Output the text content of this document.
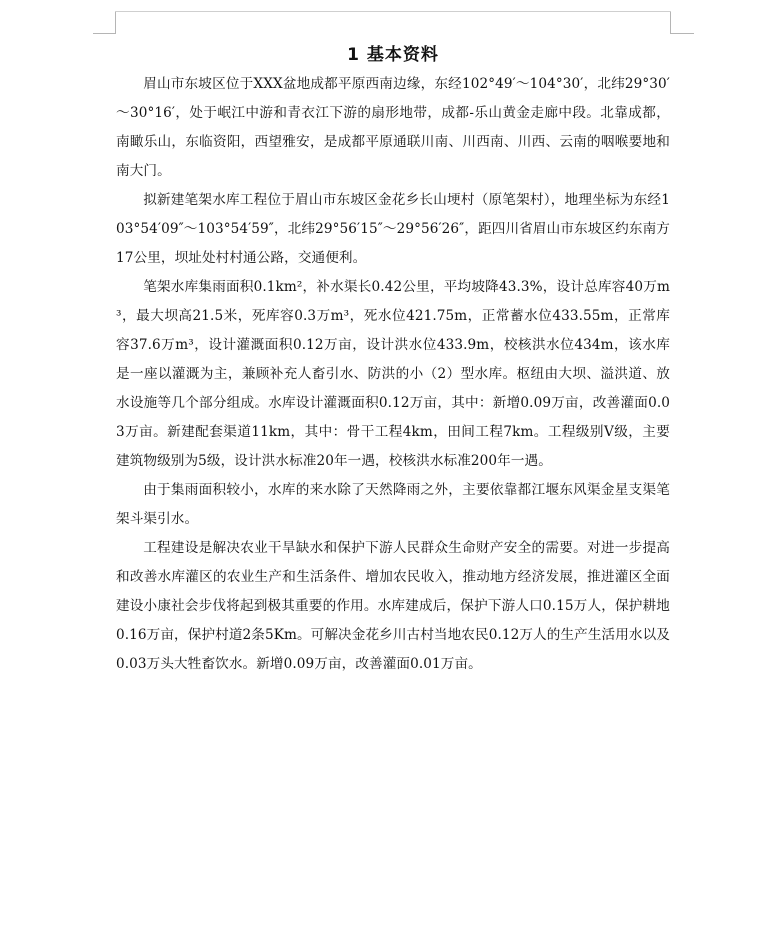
1 基本资料

眉山市东坡区位于XXX盆地成都平原西南边缘，东经102°49′～104°30′，北纬29°30′～30°16′，处于岷江中游和青衣江下游的扇形地带，成都-乐山黄金走廊中段。北靠成都，南瞰乐山，东临资阳，西望雅安，是成都平原通联川南、川西南、川西、云南的咽喉要地和南大门。

拟新建笔架水库工程位于眉山市东坡区金花乡长山埂村（原笔架村），地理坐标为东经103°54′09″～103°54′59″，北纬29°56′15″～29°56′26″，距四川省眉山市东坡区约东南方17公里，坝址处村村通公路，交通便利。

笔架水库集雨面积0.1km²，补水渠长0.42公里，平均坡降43.3%，设计总库容40万m³，最大坝高21.5米，死库容0.3万m³，死水位421.75m，正常蓄水位433.55m，正常库容37.6万m³，设计灌溉面积0.12万亩，设计洪水位433.9m，校核洪水位434m，该水库是一座以灌溉为主，兼顾补充人畜引水、防洪的小（2）型水库。枢纽由大坝、溢洪道、放水设施等几个部分组成。水库设计灌溉面积0.12万亩，其中：新增0.09万亩，改善灌面0.03万亩。新建配套渠道11km，其中：骨干工程4km，田间工程7km。工程级别Ⅴ级，主要建筑物级别为5级，设计洪水标准20年一遇，校核洪水标准200年一遇。

由于集雨面积较小，水库的来水除了天然降雨之外，主要依靠都江堰东风渠金星支渠笔架斗渠引水。

工程建设是解决农业干旱缺水和保护下游人民群众生命财产安全的需要。对进一步提高和改善水库灌区的农业生产和生活条件、增加农民收入，推动地方经济发展，推进灌区全面建设小康社会步伐将起到极其重要的作用。水库建成后，保护下游人口0.15万人，保护耕地0.16万亩，保护村道2条5Km。可解决金花乡川古村当地农民0.12万人的生产生活用水以及0.03万头大牲畜饮水。新增0.09万亩，改善灌面0.01万亩。
